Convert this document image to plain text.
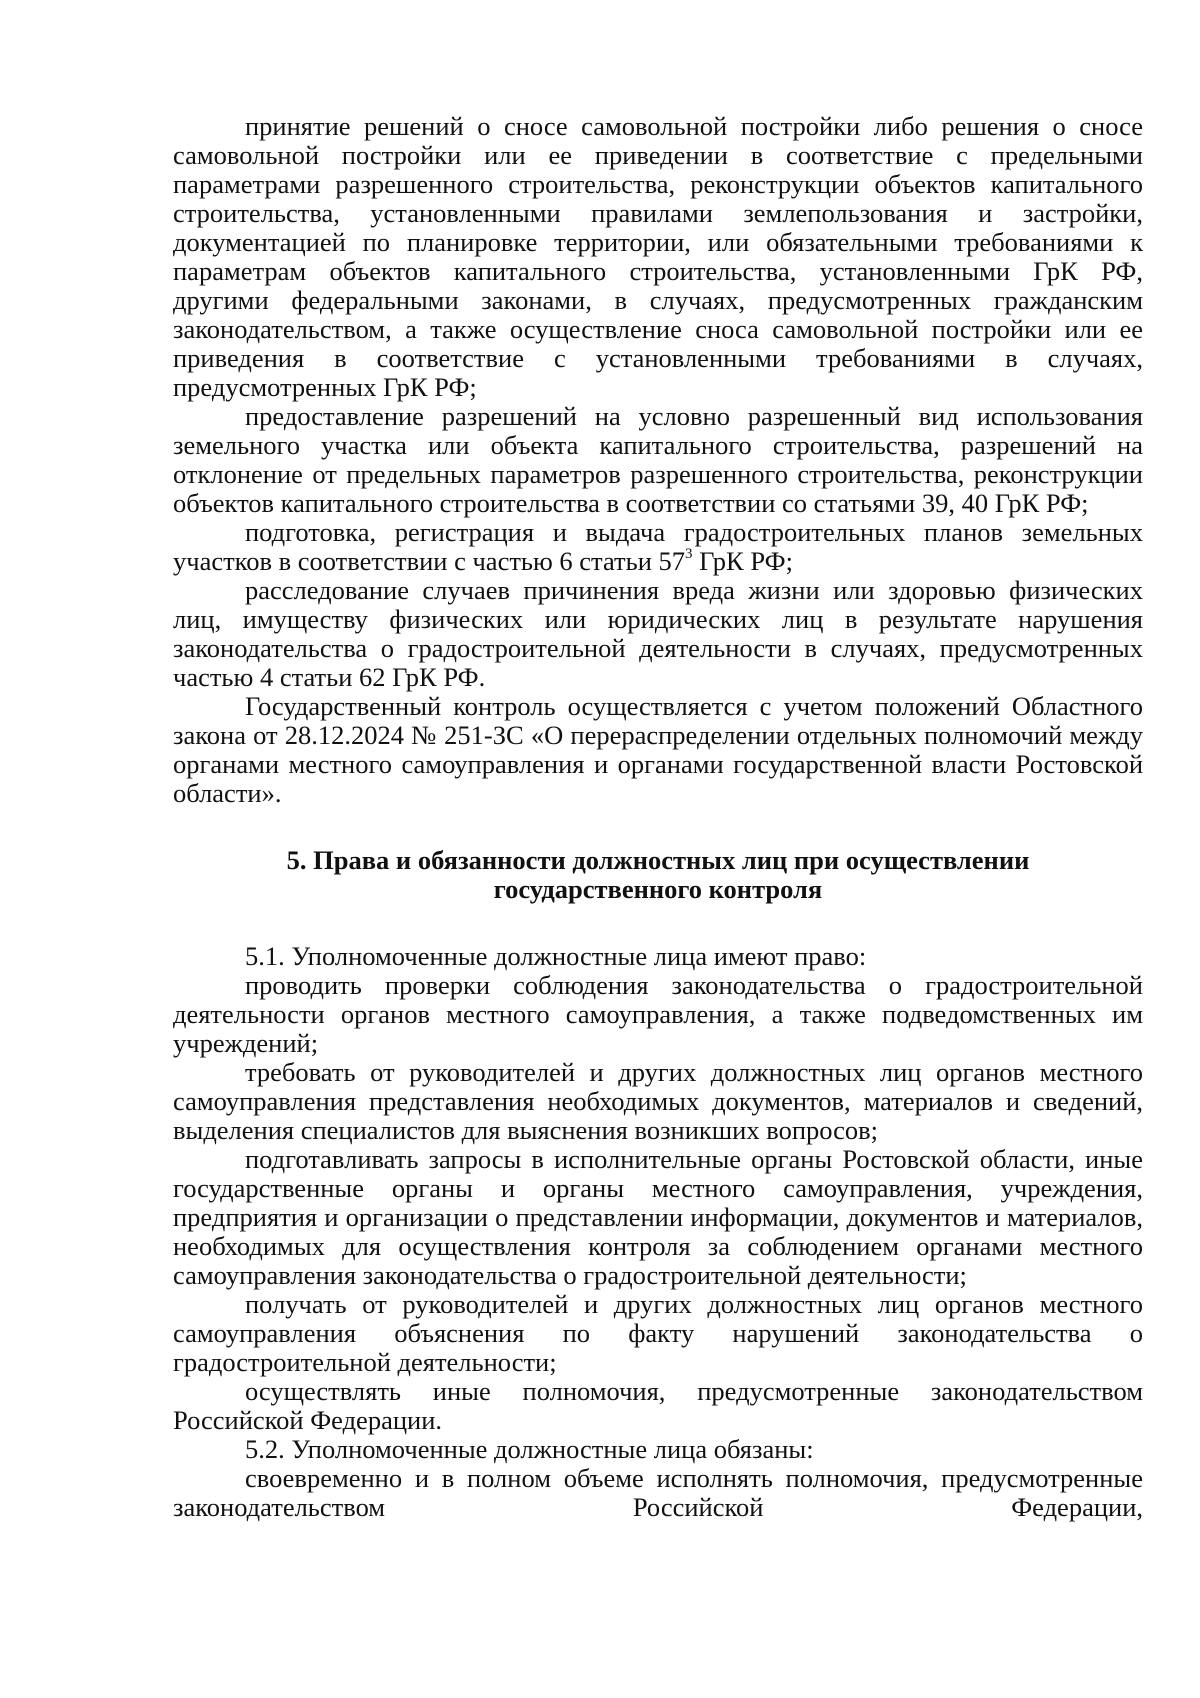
принятие решений о сносе самовольной постройки либо решения о сносе самовольной постройки или ее приведении в соответствие с предельными параметрами разрешенного строительства, реконструкции объектов капитального строительства, установленными правилами землепользования и застройки, документацией по планировке территории, или обязательными требованиями к параметрам объектов капитального строительства, установленными ГрК РФ, другими федеральными законами, в случаях, предусмотренных гражданским законодательством, а также осуществление сноса самовольной постройки или ее приведения в соответствие с установленными требованиями в случаях, предусмотренных ГрК РФ;

предоставление разрешений на условно разрешенный вид использования земельного участка или объекта капитального строительства, разрешений на отклонение от предельных параметров разрешенного строительства, реконструкции объектов капитального строительства в соответствии со статьями 39, 40 ГрК РФ;

подготовка, регистрация и выдача градостроительных планов земельных участков в соответствии с частью 6 статьи $57^3$ ГрК РФ;

расследование случаев причинения вреда жизни или здоровью физических лиц, имуществу физических или юридических лиц в результате нарушения законодательства о градостроительной деятельности в случаях, предусмотренных частью 4 статьи 62 ГрК РФ.

Государственный контроль осуществляется с учетом положений Областного закона от 28.12.2024 № 251-ЗС «О перераспределении отдельных полномочий между органами местного самоуправления и органами государственной власти Ростовской области».

5. Права и обязанности должностных лиц при осуществлении
государственного контроля

5.1. Уполномоченные должностные лица имеют право:

проводить проверки соблюдения законодательства о градостроительной деятельности органов местного самоуправления, а также подведомственных им учреждений;

требовать от руководителей и других должностных лиц органов местного самоуправления представления необходимых документов, материалов и сведений, выделения специалистов для выяснения возникших вопросов;

подготавливать запросы в исполнительные органы Ростовской области, иные государственные органы и органы местного самоуправления, учреждения, предприятия и организации о представлении информации, документов и материалов, необходимых для осуществления контроля за соблюдением органами местного самоуправления законодательства о градостроительной деятельности;

получать от руководителей и других должностных лиц органов местного самоуправления объяснения по факту нарушений законодательства о градостроительной деятельности;

осуществлять иные полномочия, предусмотренные законодательством Российской Федерации.

5.2. Уполномоченные должностные лица обязаны:

своевременно и в полном объеме исполнять полномочия, предусмотренные законодательством Российской Федерации,
